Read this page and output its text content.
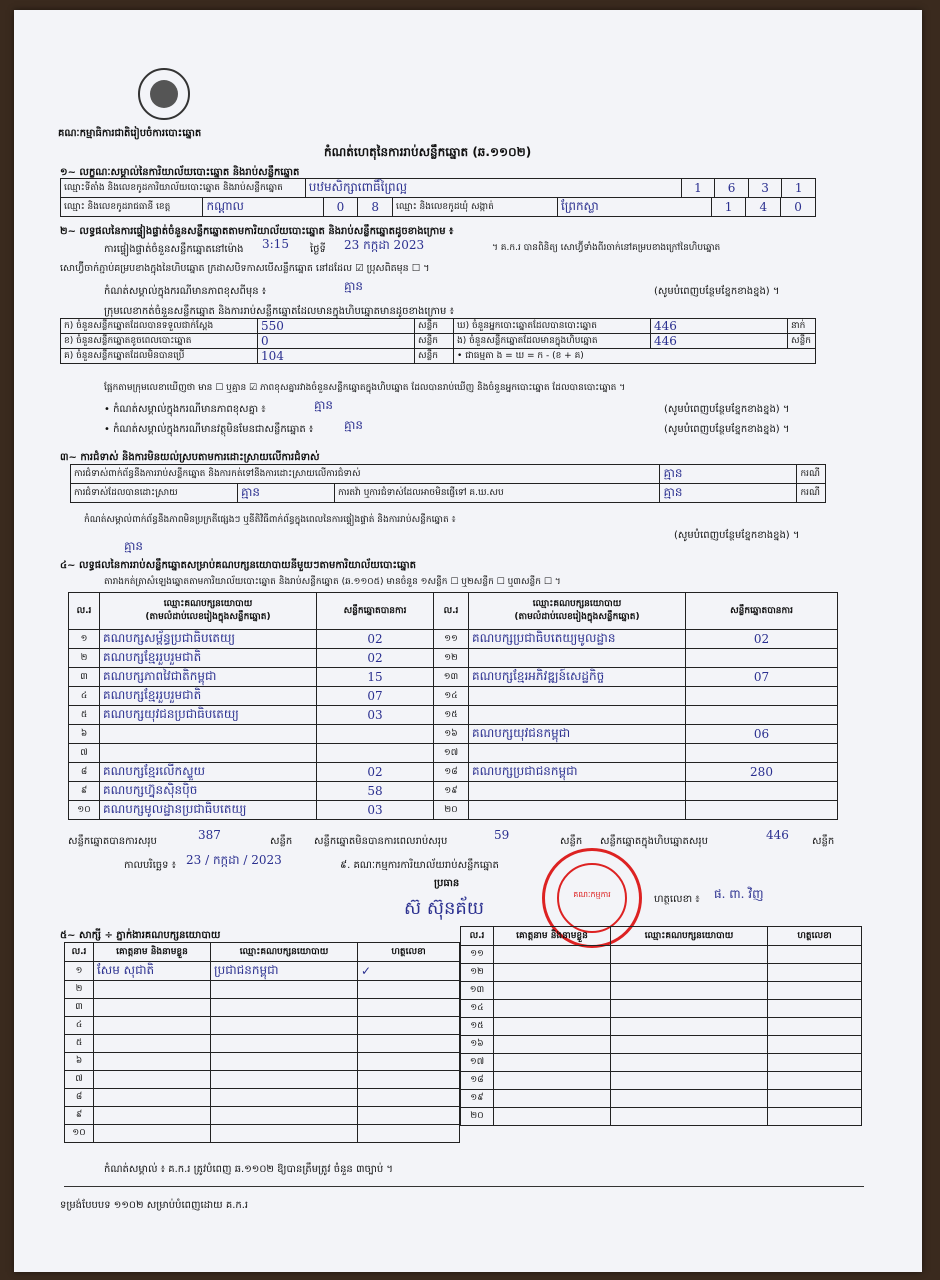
គណៈកម្មាធិការជាតិរៀបចំការបោះឆ្នោត
កំណត់ហេតុនៃការរាប់សន្លឹកឆ្នោត (ឆ.១១០២)
១~ លក្ខណៈសម្គាល់នៃការិយាល័យបោះឆ្នោត និងរាប់សន្លឹកឆ្នោត
ឈ្មោះទីតាំង និងលេខកូដការិយាល័យបោះឆ្នោត និងរាប់សន្លឹកឆ្នោត	បឋមសិក្សាពោធិ៍ព្រៃល្អ	1	6	3	1
ឈ្មោះ និងលេខកូដរាជធានី ខេត្ត	កណ្ដាល	0	8	ឈ្មោះ និងលេខកូដឃុំ សង្កាត់	ព្រែកស្លា	1	4	0
២~ លទ្ធផលនៃការផ្ទៀងផ្ទាត់ចំនួនសន្លឹកឆ្នោតតាមការិយាល័យបោះឆ្នោត និងរាប់សន្លឹកឆ្នោតដូចខាងក្រោម ៖
ការផ្ទៀងផ្ទាត់ចំនួនសន្លឹកឆ្នោតនៅម៉ោង 3:15 ថ្ងៃទី 23 កក្កដា 2023	។ គ.ក.រ បានពិនិត្យ សោហ្វ៊ីទាំងពីរចាក់នៅគម្របខាងក្រៅនៃហិបឆ្នោត
សោហ្វ៊ីចាក់ភ្ជាប់គម្របខាងក្នុងនៃហិបឆ្នោត ក្រដាសបិទកាសបើសន្លឹកឆ្នោត នៅដដែល ☑ ប្រុសពិតមុន ☐ ។
កំណត់សម្គាល់ក្នុងករណីមានភាពខុសពីមុន ៖	គ្មាន	(សូមបំពេញបន្ថែមខ្នែកខាងខ្នង) ។
ក្រុមលេខាកត់ចំនួនសន្លឹកឆ្នោត និងការរាប់សន្លឹកឆ្នោតដែលមានក្នុងហិបឆ្នោតមានដូចខាងក្រោម ៖
ក) ចំនួនសន្លឹកឆ្នោតដែលបានទទួលជាក់ស្តែង	550	សន្លឹក	ឃ) ចំនួនអ្នកបោះឆ្នោតដែលបានបោះឆ្នោត	446	នាក់
ខ) ចំនួនសន្លឹកឆ្នោតខូចពេលបោះឆ្នោត	0	សន្លឹក	ង) ចំនួនសន្លឹកឆ្នោតដែលមានក្នុងហិបឆ្នោត	446	សន្លឹក
គ) ចំនួនសន្លឹកឆ្នោតដែលមិនបានប្រើ	104	សន្លឹក	• ជាធម្មតា ង = ឃ = ក - (ខ + គ)		
ផ្អែកតាមក្រុមលេខាឃើញថា មាន ☐ ឬគ្មាន ☑ ភាពខុសគ្នារវាងចំនួនសន្លឹកឆ្នោតក្នុងហិបឆ្នោត ដែលបានរាប់ឃើញ និងចំនួនអ្នកបោះឆ្នោត ដែលបានបោះឆ្នោត ។
• កំណត់សម្គាល់ក្នុងករណីមានភាពខុសគ្នា ៖	គ្មាន	(សូមបំពេញបន្ថែមខ្នែកខាងខ្នង) ។
• កំណត់សម្គាល់ក្នុងករណីមានវត្ថុមិនមែនជាសន្លឹកឆ្នោត ៖	គ្មាន	(សូមបំពេញបន្ថែមខ្នែកខាងខ្នង) ។
៣~ ការជំទាស់ និងការមិនយល់ស្របតាមការដោះស្រាយលើការជំទាស់
ការជំទាស់ពាក់ព័ន្ធនឹងការរាប់សន្លឹកឆ្នោត និងការកត់ទៅនឹងការដោះស្រាយលើការជំទាស់			គ្មាន	ករណី
ការជំទាស់ដែលបានដោះស្រាយ	គ្មាន	ការតវ៉ា ឬការជំទាស់ដែលអាចមិនផ្ញើទៅ គ.ឃ.សប	គ្មាន	ករណី
កំណត់សម្គាល់ពាក់ព័ន្ធនឹងភាពមិនប្រក្រតីផ្សេងៗ ឬនីតិវិធីពាក់ព័ន្ធក្នុងពេលនៃការផ្ទៀងផ្ទាត់ និងការរាប់សន្លឹកឆ្នោត ៖
(សូមបំពេញបន្ថែមខ្នែកខាងខ្នង) ។
គ្មាន
៤~ លទ្ធផលនៃការរាប់សន្លឹកឆ្នោតសម្រាប់គណបក្សនយោបាយនីមួយៗតាមការិយាល័យបោះឆ្នោត
តារាងកត់ត្រាសំឡេងឆ្នោតតាមការិយាល័យបោះឆ្នោត និងរាប់សន្លឹកឆ្នោត (ឆ.១១០៥) មានចំនួន ១សន្លឹក ☐ ឬ២សន្លឹក ☐ ឬ៣សន្លឹក ☐ ។
ល.រ	ឈ្មោះគណបក្សនយោបាយ
(តាមលំដាប់លេខរៀងក្នុងសន្លឹកឆ្នោត)	សន្លឹកឆ្នោតបានការ	ល.រ	ឈ្មោះគណបក្សនយោបាយ
(តាមលំដាប់លេខរៀងក្នុងសន្លឹកឆ្នោត)	សន្លឹកឆ្នោតបានការ
១	គណបក្សសម្ព័ន្ធប្រជាធិបតេយ្យ	02	១១	គណបក្សប្រជាធិបតេយ្យមូលដ្ឋាន	02
២	គណបក្សខ្មែររួបរួមជាតិ	02	១២		
៣	គណបក្សភាពវៃជាតិកម្ពុជា	15	១៣	គណបក្សខ្មែរអភិវឌ្ឍន៍សេដ្ឋកិច្ច	07
៤	គណបក្សខ្មែររួបរួមជាតិ	07	១៤		
៥	គណបក្សយុវជនប្រជាធិបតេយ្យ	03	១៥		
៦			១៦	គណបក្សយុវជនកម្ពុជា	06
៧			១៧		
៨	គណបក្សខ្មែរលើកស្ទួយ	02	១៨	គណបក្សប្រជាជនកម្ពុជា	280
៩	គណបក្សហ្វ៊ុនស៊ិនប៉ិច	58	១៩		
១០	គណបក្សមូលដ្ឋានប្រជាធិបតេយ្យ	03	២០		
សន្លឹកឆ្នោតបានការសរុប	387	សន្លឹក សន្លឹកឆ្នោតមិនបានការពេលរាប់សរុប	59	សន្លឹក សន្លឹកឆ្នោតក្នុងហិបឆ្នោតសរុប	446 សន្លឹក
កាលបរិច្ឆេទ ៖ 23 / កក្កដា / 2023	៩. គណៈកម្មការការិយាល័យរាប់សន្លឹកឆ្នោត
ប្រធាន
ស៊ ស៊ុនគ័យ	ហត្ថលេខា ៖ ផ. ពា. វិញ
គណៈកម្មការ
៥~ សាក្សី ÷ ភ្នាក់ងារគណបក្សនយោបាយ
ល.រ	គោត្តនាម និងនាមខ្លួន	ឈ្មោះគណបក្សនយោបាយ	ហត្ថលេខា
១	សែម សុជាតិ	ប្រជាជនកម្ពុជា	✓
២			
៣			
៤			
៥			
៦			
៧			
៨			
៩			
១០			
ល.រ	គោត្តនាម និងនាមខ្លួន	ឈ្មោះគណបក្សនយោបាយ	ហត្ថលេខា
១១			
១២			
១៣			
១៤			
១៥			
១៦			
១៧			
១៨			
១៩			
២០			
កំណត់សម្គាល់ ៖ គ.ក.រ ត្រូវបំពេញ ឆ.១១០២ ឱ្យបានត្រឹមត្រូវ ចំនួន ៣ច្បាប់ ។
ទម្រង់បែបបទ ១១០២ សម្រាប់បំពេញដោយ គ.ក.រ
